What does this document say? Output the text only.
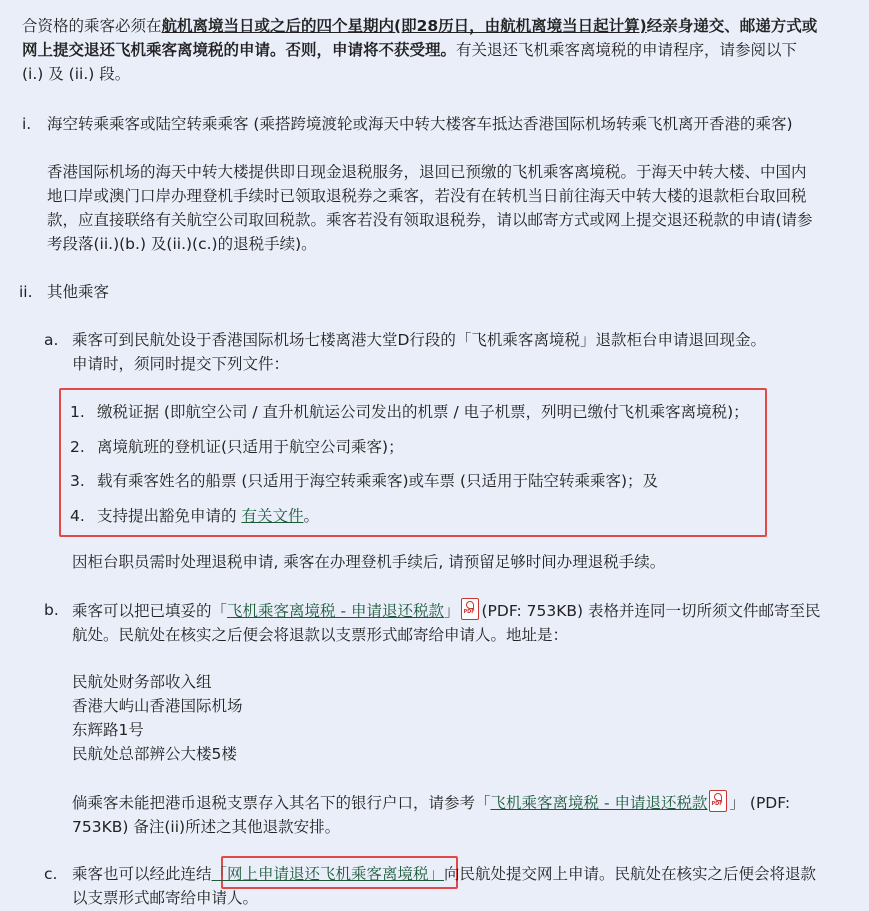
合资格的乘客必须在航机离境当日或之后的四个星期内(即28历日，由航机离境当日起计算)经亲身递交、邮递方式或
网上提交退还飞机乘客离境税的申请。否则，申请将不获受理。有关退还飞机乘客离境税的申请程序，请参阅以下
(i.) 及 (ii.) 段。
i. 海空转乘乘客或陆空转乘乘客 (乘搭跨境渡轮或海天中转大楼客车抵达香港国际机场转乘飞机离开香港的乘客)
香港国际机场的海天中转大楼提供即日现金退税服务，退回已预缴的飞机乘客离境税。于海天中转大楼、中国内
地口岸或澳门口岸办理登机手续时已领取退税券之乘客，若没有在转机当日前往海天中转大楼的退款柜台取回税
款，应直接联络有关航空公司取回税款。乘客若没有领取退税券，请以邮寄方式或网上提交退还税款的申请(请参
考段落(ii.)(b.) 及(ii.)(c.)的退税手续)。
ii. 其他乘客
a. 乘客可到民航处设于香港国际机场七楼离港大堂D行段的「飞机乘客离境税」退款柜台申请退回现金。
申请时，须同时提交下列文件：
1. 缴税证据 (即航空公司 / 直升机航运公司发出的机票 / 电子机票，列明已缴付飞机乘客离境税)；
2. 离境航班的登机证(只适用于航空公司乘客)；
3. 载有乘客姓名的船票 (只适用于海空转乘乘客)或车票 (只适用于陆空转乘乘客)；及
4. 支持提出豁免申请的 有关文件。
因柜台职员需时处理退税申请, 乘客在办理登机手续后, 请预留足够时间办理退税手续。
b. 乘客可以把已填妥的「飞机乘客离境税 - 申请退还税款」 PDF (PDF: 753KB) 表格并连同一切所须文件邮寄至民
航处。民航处在核实之后便会将退款以支票形式邮寄给申请人。地址是：
民航处财务部收入组
香港大屿山香港国际机场
东辉路1号
民航处总部辨公大楼5楼
倘乘客未能把港币退税支票存入其名下的银行户口，请参考「飞机乘客离境税 - 申请退还税款 PDF 」 (PDF:
753KB) 备注(ii)所述之其他退款安排。
c. 乘客也可以经此连结「网上申请退还飞机乘客离境税」向民航处提交网上申请。民航处在核实之后便会将退款
以支票形式邮寄给申请人。
